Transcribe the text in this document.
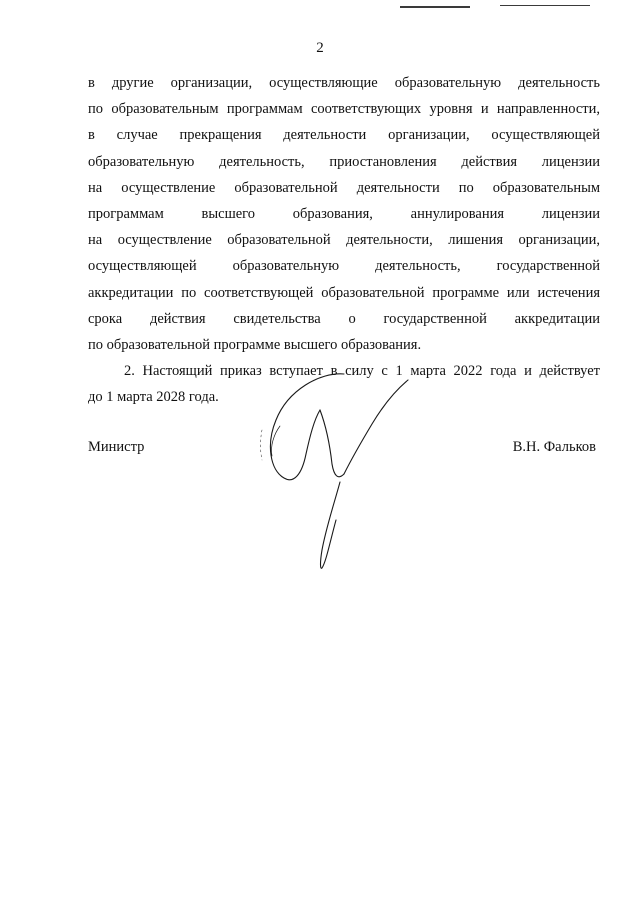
2
в другие организации, осуществляющие образовательную деятельность
по образовательным программам соответствующих уровня и направленности,
в случае прекращения деятельности организации, осуществляющей
образовательную деятельность, приостановления действия лицензии
на осуществление образовательной деятельности по образовательным
программам высшего образования, аннулирования лицензии
на осуществление образовательной деятельности, лишения организации,
осуществляющей образовательную деятельность, государственной
аккредитации по соответствующей образовательной программе или истечения
срока действия свидетельства о государственной аккредитации
по образовательной программе высшего образования.
2. Настоящий приказ вступает в силу с 1 марта 2022 года и действует
до 1 марта 2028 года.
Министр	В.Н. Фальков
